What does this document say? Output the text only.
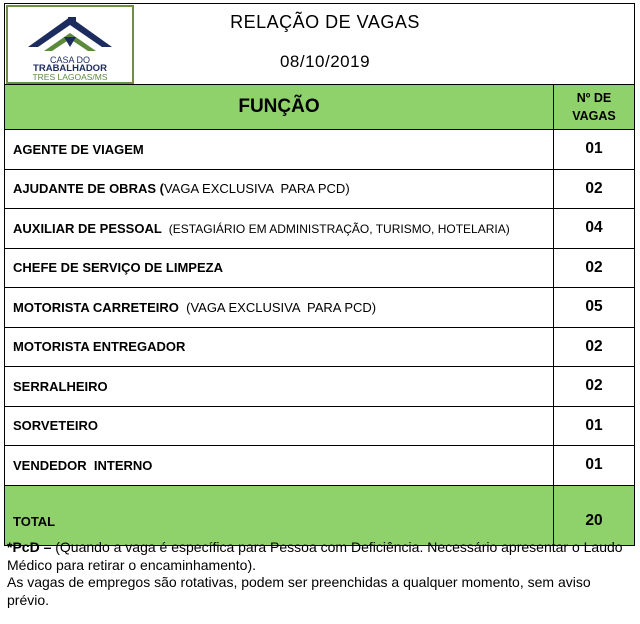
CASA DO
TRABALHADOR
TRES LAGOAS/MS
RELAÇÃO DE VAGAS
08/10/2019	

FUNÇÃO	Nº DE
VAGAS
AGENTE DE VIAGEM	01
AJUDANTE DE OBRAS (VAGA EXCLUSIVA  PARA PCD)	02
AUXILIAR DE PESSOAL  (ESTAGIÁRIO EM ADMINISTRAÇÃO, TURISMO, HOTELARIA)	04
CHEFE DE SERVIÇO DE LIMPEZA	02
MOTORISTA CARRETEIRO  (VAGA EXCLUSIVA  PARA PCD)	05
MOTORISTA ENTREGADOR	02
SERRALHEIRO	02
SORVETEIRO	01
VENDEDOR  INTERNO	01
TOTAL	20
*PcD – (Quando a vaga é específica para Pessoa com Deficiência. Necessário apresentar o Laudo Médico para retirar o encaminhamento).
As vagas de empregos são rotativas, podem ser preenchidas a qualquer momento, sem aviso prévio.
